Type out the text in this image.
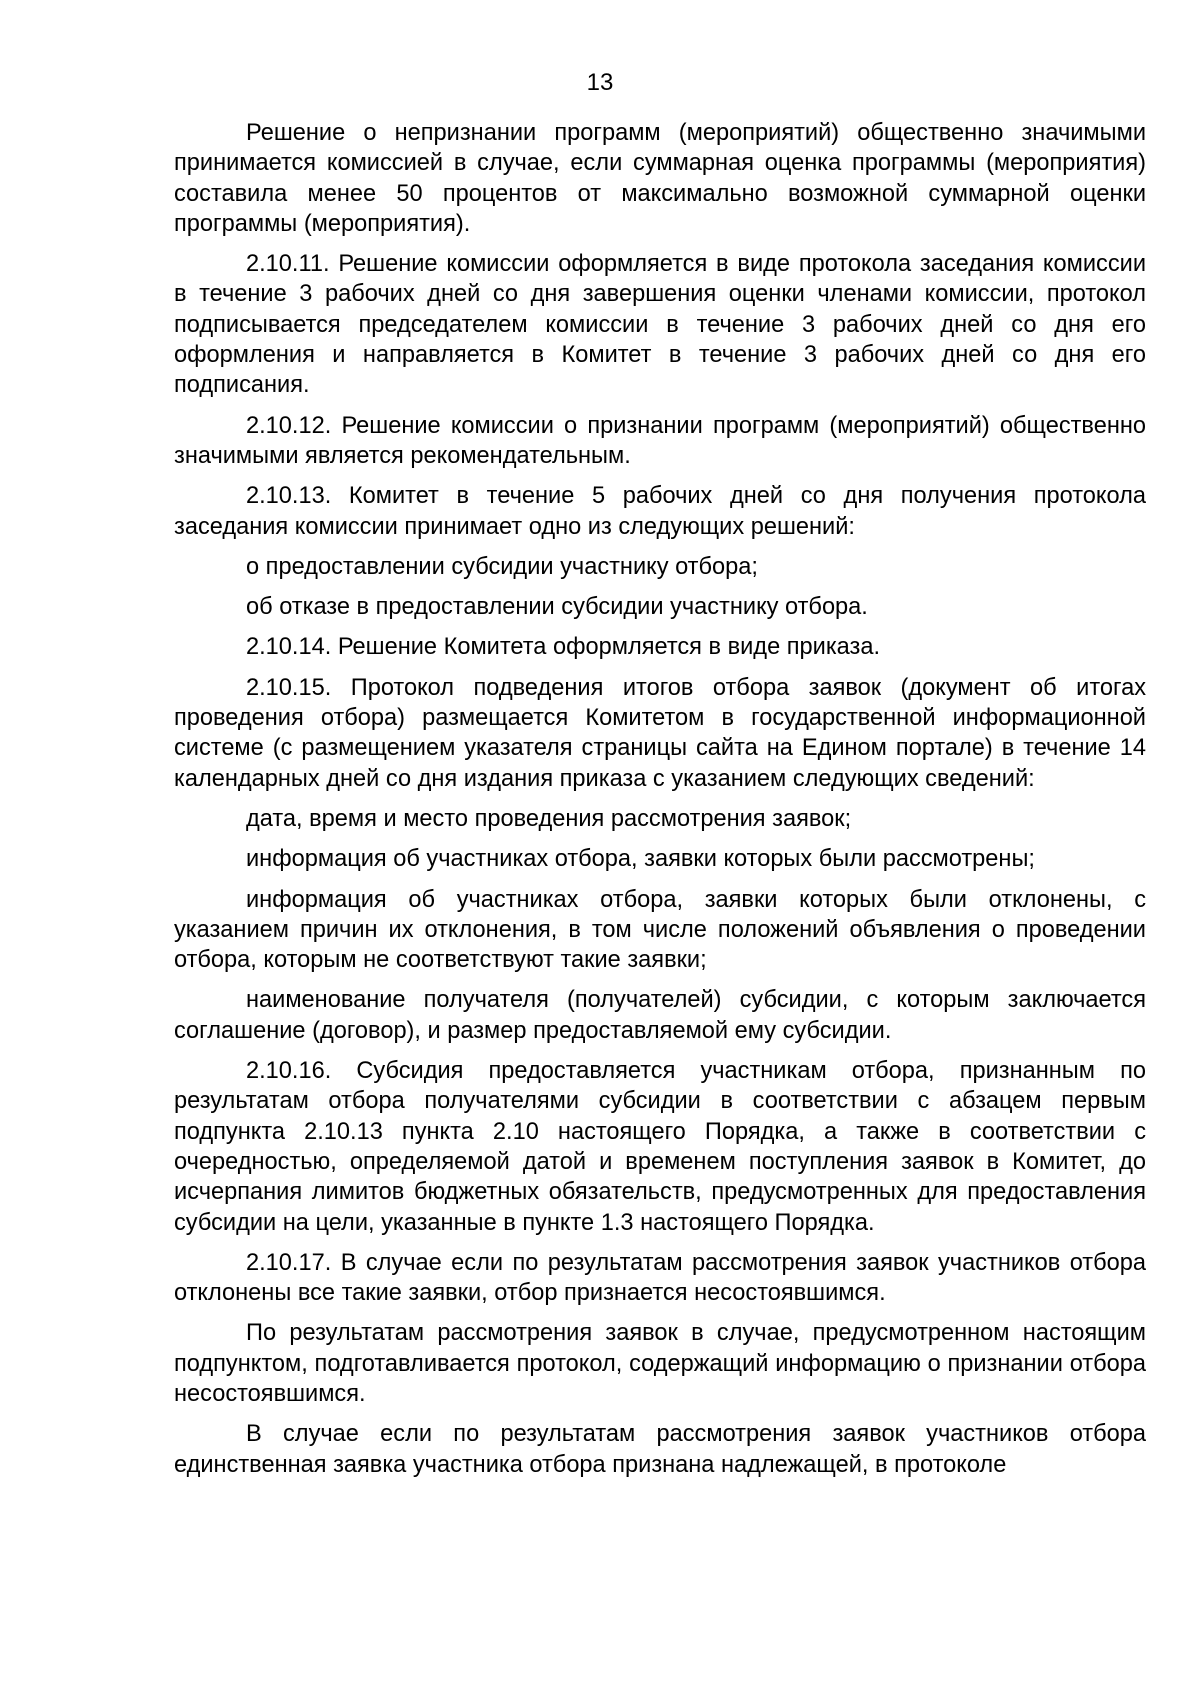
13

Решение о непризнании программ (мероприятий) общественно значимыми принимается комиссией в случае, если суммарная оценка программы (мероприятия) составила менее 50 процентов от максимально возможной суммарной оценки программы (мероприятия).

2.10.11. Решение комиссии оформляется в виде протокола заседания комиссии в течение 3 рабочих дней со дня завершения оценки членами комиссии, протокол подписывается председателем комиссии в течение 3 рабочих дней со дня его оформления и направляется в Комитет в течение 3 рабочих дней со дня его подписания.

2.10.12. Решение комиссии о признании программ (мероприятий) общественно значимыми является рекомендательным.

2.10.13. Комитет в течение 5 рабочих дней со дня получения протокола заседания комиссии принимает одно из следующих решений:

о предоставлении субсидии участнику отбора;

об отказе в предоставлении субсидии участнику отбора.

2.10.14. Решение Комитета оформляется в виде приказа.

2.10.15. Протокол подведения итогов отбора заявок (документ об итогах проведения отбора) размещается Комитетом в государственной информационной системе (с размещением указателя страницы сайта на Едином портале) в течение 14 календарных дней со дня издания приказа с указанием следующих сведений:

дата, время и место проведения рассмотрения заявок;

информация об участниках отбора, заявки которых были рассмотрены;

информация об участниках отбора, заявки которых были отклонены, с указанием причин их отклонения, в том числе положений объявления о проведении отбора, которым не соответствуют такие заявки;

наименование получателя (получателей) субсидии, с которым заключается соглашение (договор), и размер предоставляемой ему субсидии.

2.10.16. Субсидия предоставляется участникам отбора, признанным по результатам отбора получателями субсидии в соответствии с абзацем первым подпункта 2.10.13 пункта 2.10 настоящего Порядка, а также в соответствии с очередностью, определяемой датой и временем поступления заявок в Комитет, до исчерпания лимитов бюджетных обязательств, предусмотренных для предоставления субсидии на цели, указанные в пункте 1.3 настоящего Порядка.

2.10.17. В случае если по результатам рассмотрения заявок участников отбора отклонены все такие заявки, отбор признается несостоявшимся.

По результатам рассмотрения заявок в случае, предусмотренном настоящим подпунктом, подготавливается протокол, содержащий информацию о признании отбора несостоявшимся.

В случае если по результатам рассмотрения заявок участников отбора единственная заявка участника отбора признана надлежащей, в протоколе
